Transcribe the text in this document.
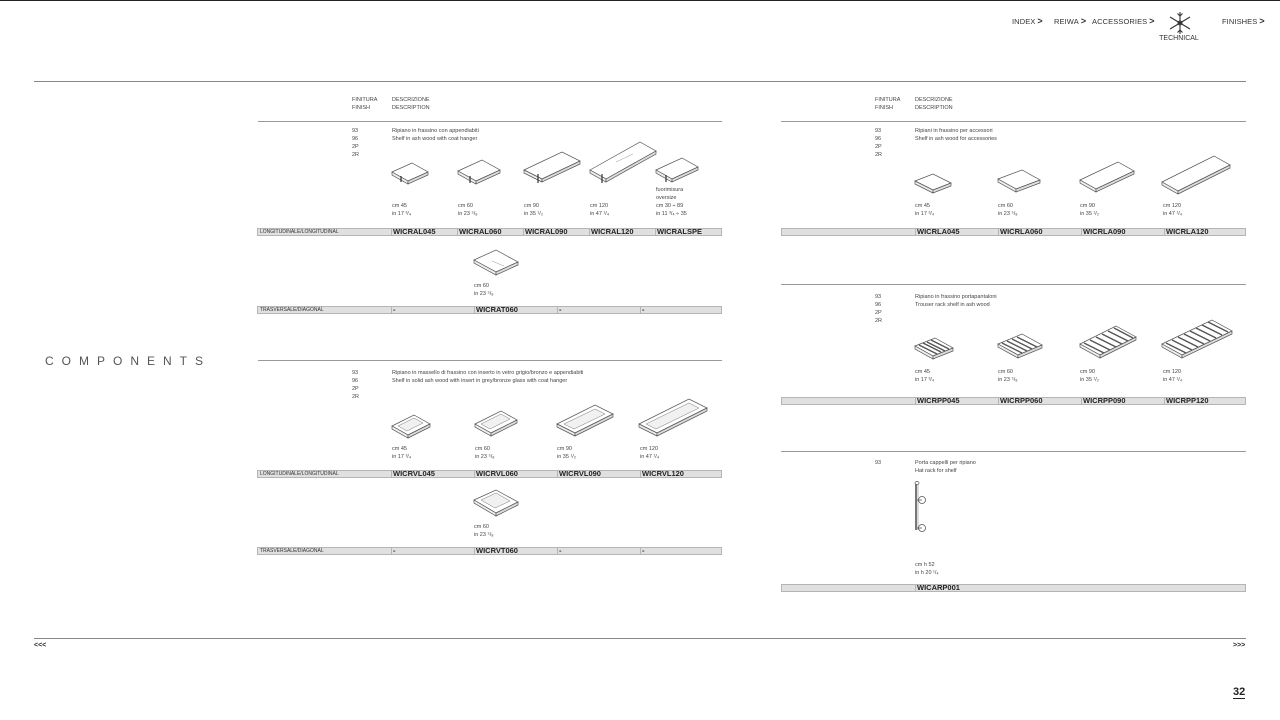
INDEX > REIWA > ACCESSORIES >
TECHNICAL
FINISHES >
COMPONENTS
FINITURA
FINISH
DESCRIZIONE
DESCRIPTION
93
96
2P
2R
Ripiano in frassino con appendiabiti
Shelf in ash wood with coat hanger
cm 45
in 17 ³/₄
cm 60
in 23 ⁵/₈
cm 90
in 35 ¹/₂
cm 120
in 47 ¹/₄
fuorimisura
oversize
cm 30 ÷ 89
in 11 ³/₄ ÷ 35
LONGITUDINALE/LONGITUDINAL	WICRAL045	WICRAL060	WICRAL090	WICRAL120	WICRALSPE
cm 60
in 23 ⁵/₈
TRASVERSALE/DIAGONAL	-	WICRAT060	-	-
93
96
2P
2R
Ripiano in massello di frassino con inserto in vetro grigio/bronzo e appendiabiti
Shelf in solid ash wood with insert in grey/bronze glass with coat hanger
cm 45
in 17 ³/₄
cm 60
in 23 ⁵/₈
cm 90
in 35 ¹/₂
cm 120
in 47 ¹/₄
LONGITUDINALE/LONGITUDINAL	WICRVL045	WICRVL060	WICRVL090	WICRVL120
cm 60
in 23 ⁵/₈
TRASVERSALE/DIAGONAL	-	WICRVT060	-	-
FINITURA
FINISH
DESCRIZIONE
DESCRIPTION
93
96
2P
2R
Ripiani in frassino per accessori
Shelf in ash wood for accessories
cm 45
in 17 ³/₄
cm 60
in 23 ⁵/₈
cm 90
in 35 ¹/₂
cm 120
in 47 ¹/₄
WICRLA045	WICRLA060	WICRLA090	WICRLA120
93
96
2P
2R
Ripiano in frassino portapantaloni
Trouser rack shelf in ash wood
cm 45
in 17 ³/₄
cm 60
in 23 ⁵/₈
cm 90
in 35 ¹/₂
cm 120
in 47 ¹/₄
WICRPP045	WICRPP060	WICRPP090	WICRPP120
93	Porta cappelli per ripiano
Hat rack for shelf
cm h 52
in h 20 ¹/₄
WICARP001
<<<	>>>
32
